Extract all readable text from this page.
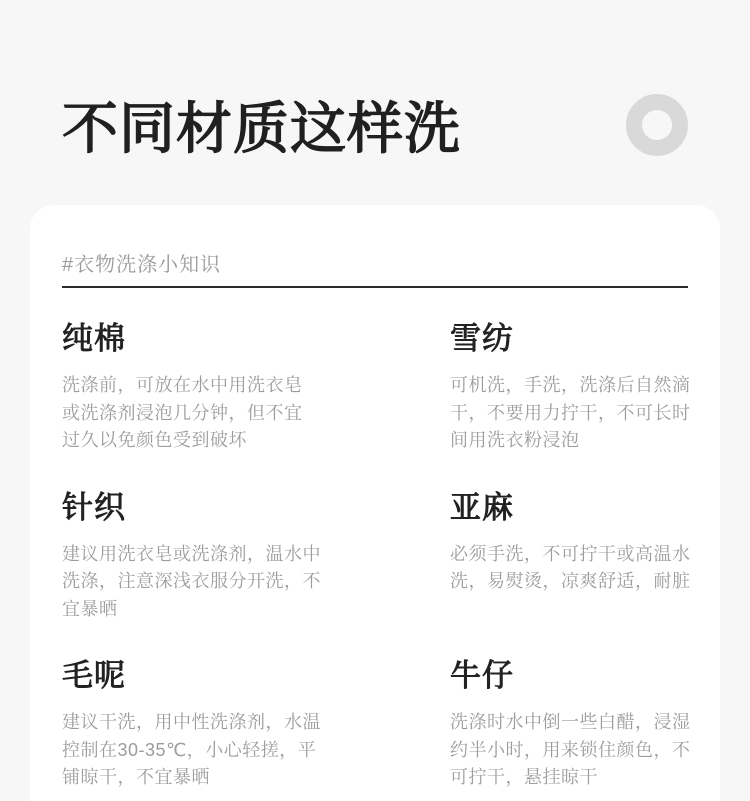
不同材质这样洗
#衣物洗涤小知识
纯棉

洗涤前，可放在水中用洗衣皂

或洗涤剂浸泡几分钟，但不宜

过久以免颜色受到破坏

雪纺

可机洗，手洗，洗涤后自然滴

干，不要用力拧干，不可长时

间用洗衣粉浸泡

针织

建议用洗衣皂或洗涤剂，温水中

洗涤，注意深浅衣服分开洗，不

宜暴晒

亚麻

必须手洗，不可拧干或高温水

洗，易熨烫，凉爽舒适，耐脏

毛呢

建议干洗，用中性洗涤剂，水温

控制在30-35℃，小心轻搓，平

铺晾干，不宜暴晒

牛仔

洗涤时水中倒一些白醋，浸湿

约半小时，用来锁住颜色，不

可拧干，悬挂晾干
